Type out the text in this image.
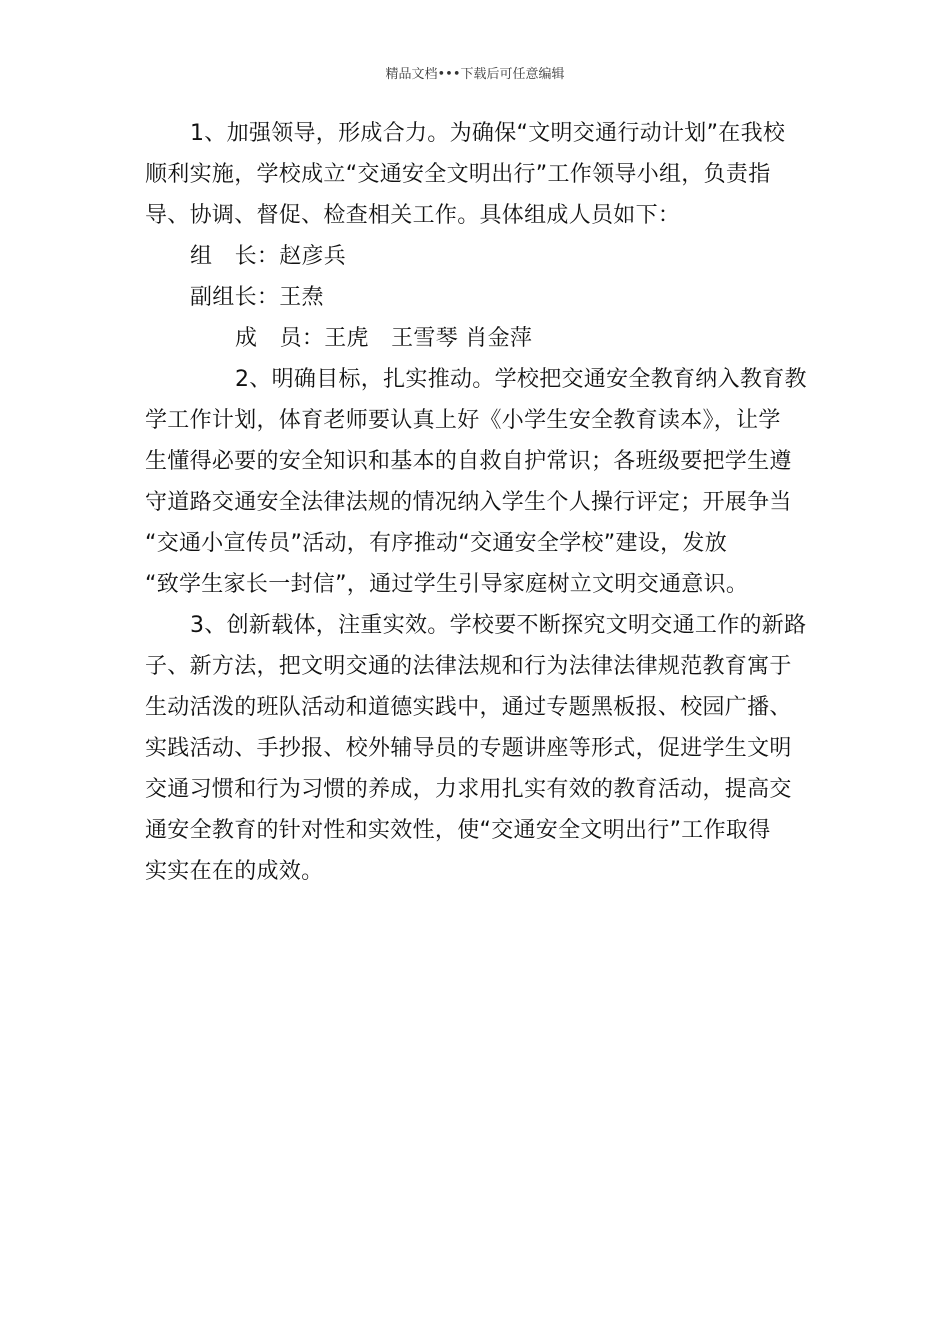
精品文档•••下载后可任意编辑
1、加强领导，形成合力。为确保“文明交通行动计划”在我校
顺利实施，学校成立“交通安全文明出行”工作领导小组，负责指
导、协调、督促、检查相关工作。具体组成人员如下：
组　长：赵彦兵
副组长：王焘
成　员：王虎　王雪琴 肖金萍
2、明确目标，扎实推动。学校把交通安全教育纳入教育教
学工作计划，体育老师要认真上好《小学生安全教育读本》，让学
生懂得必要的安全知识和基本的自救自护常识；各班级要把学生遵
守道路交通安全法律法规的情况纳入学生个人操行评定；开展争当
“交通小宣传员”活动，有序推动“交通安全学校”建设，发放
“致学生家长一封信”，通过学生引导家庭树立文明交通意识。
3、创新载体，注重实效。学校要不断探究文明交通工作的新路
子、新方法，把文明交通的法律法规和行为法律法律规范教育寓于
生动活泼的班队活动和道德实践中，通过专题黑板报、校园广播、
实践活动、手抄报、校外辅导员的专题讲座等形式，促进学生文明
交通习惯和行为习惯的养成，力求用扎实有效的教育活动，提高交
通安全教育的针对性和实效性，使“交通安全文明出行”工作取得
实实在在的成效。
